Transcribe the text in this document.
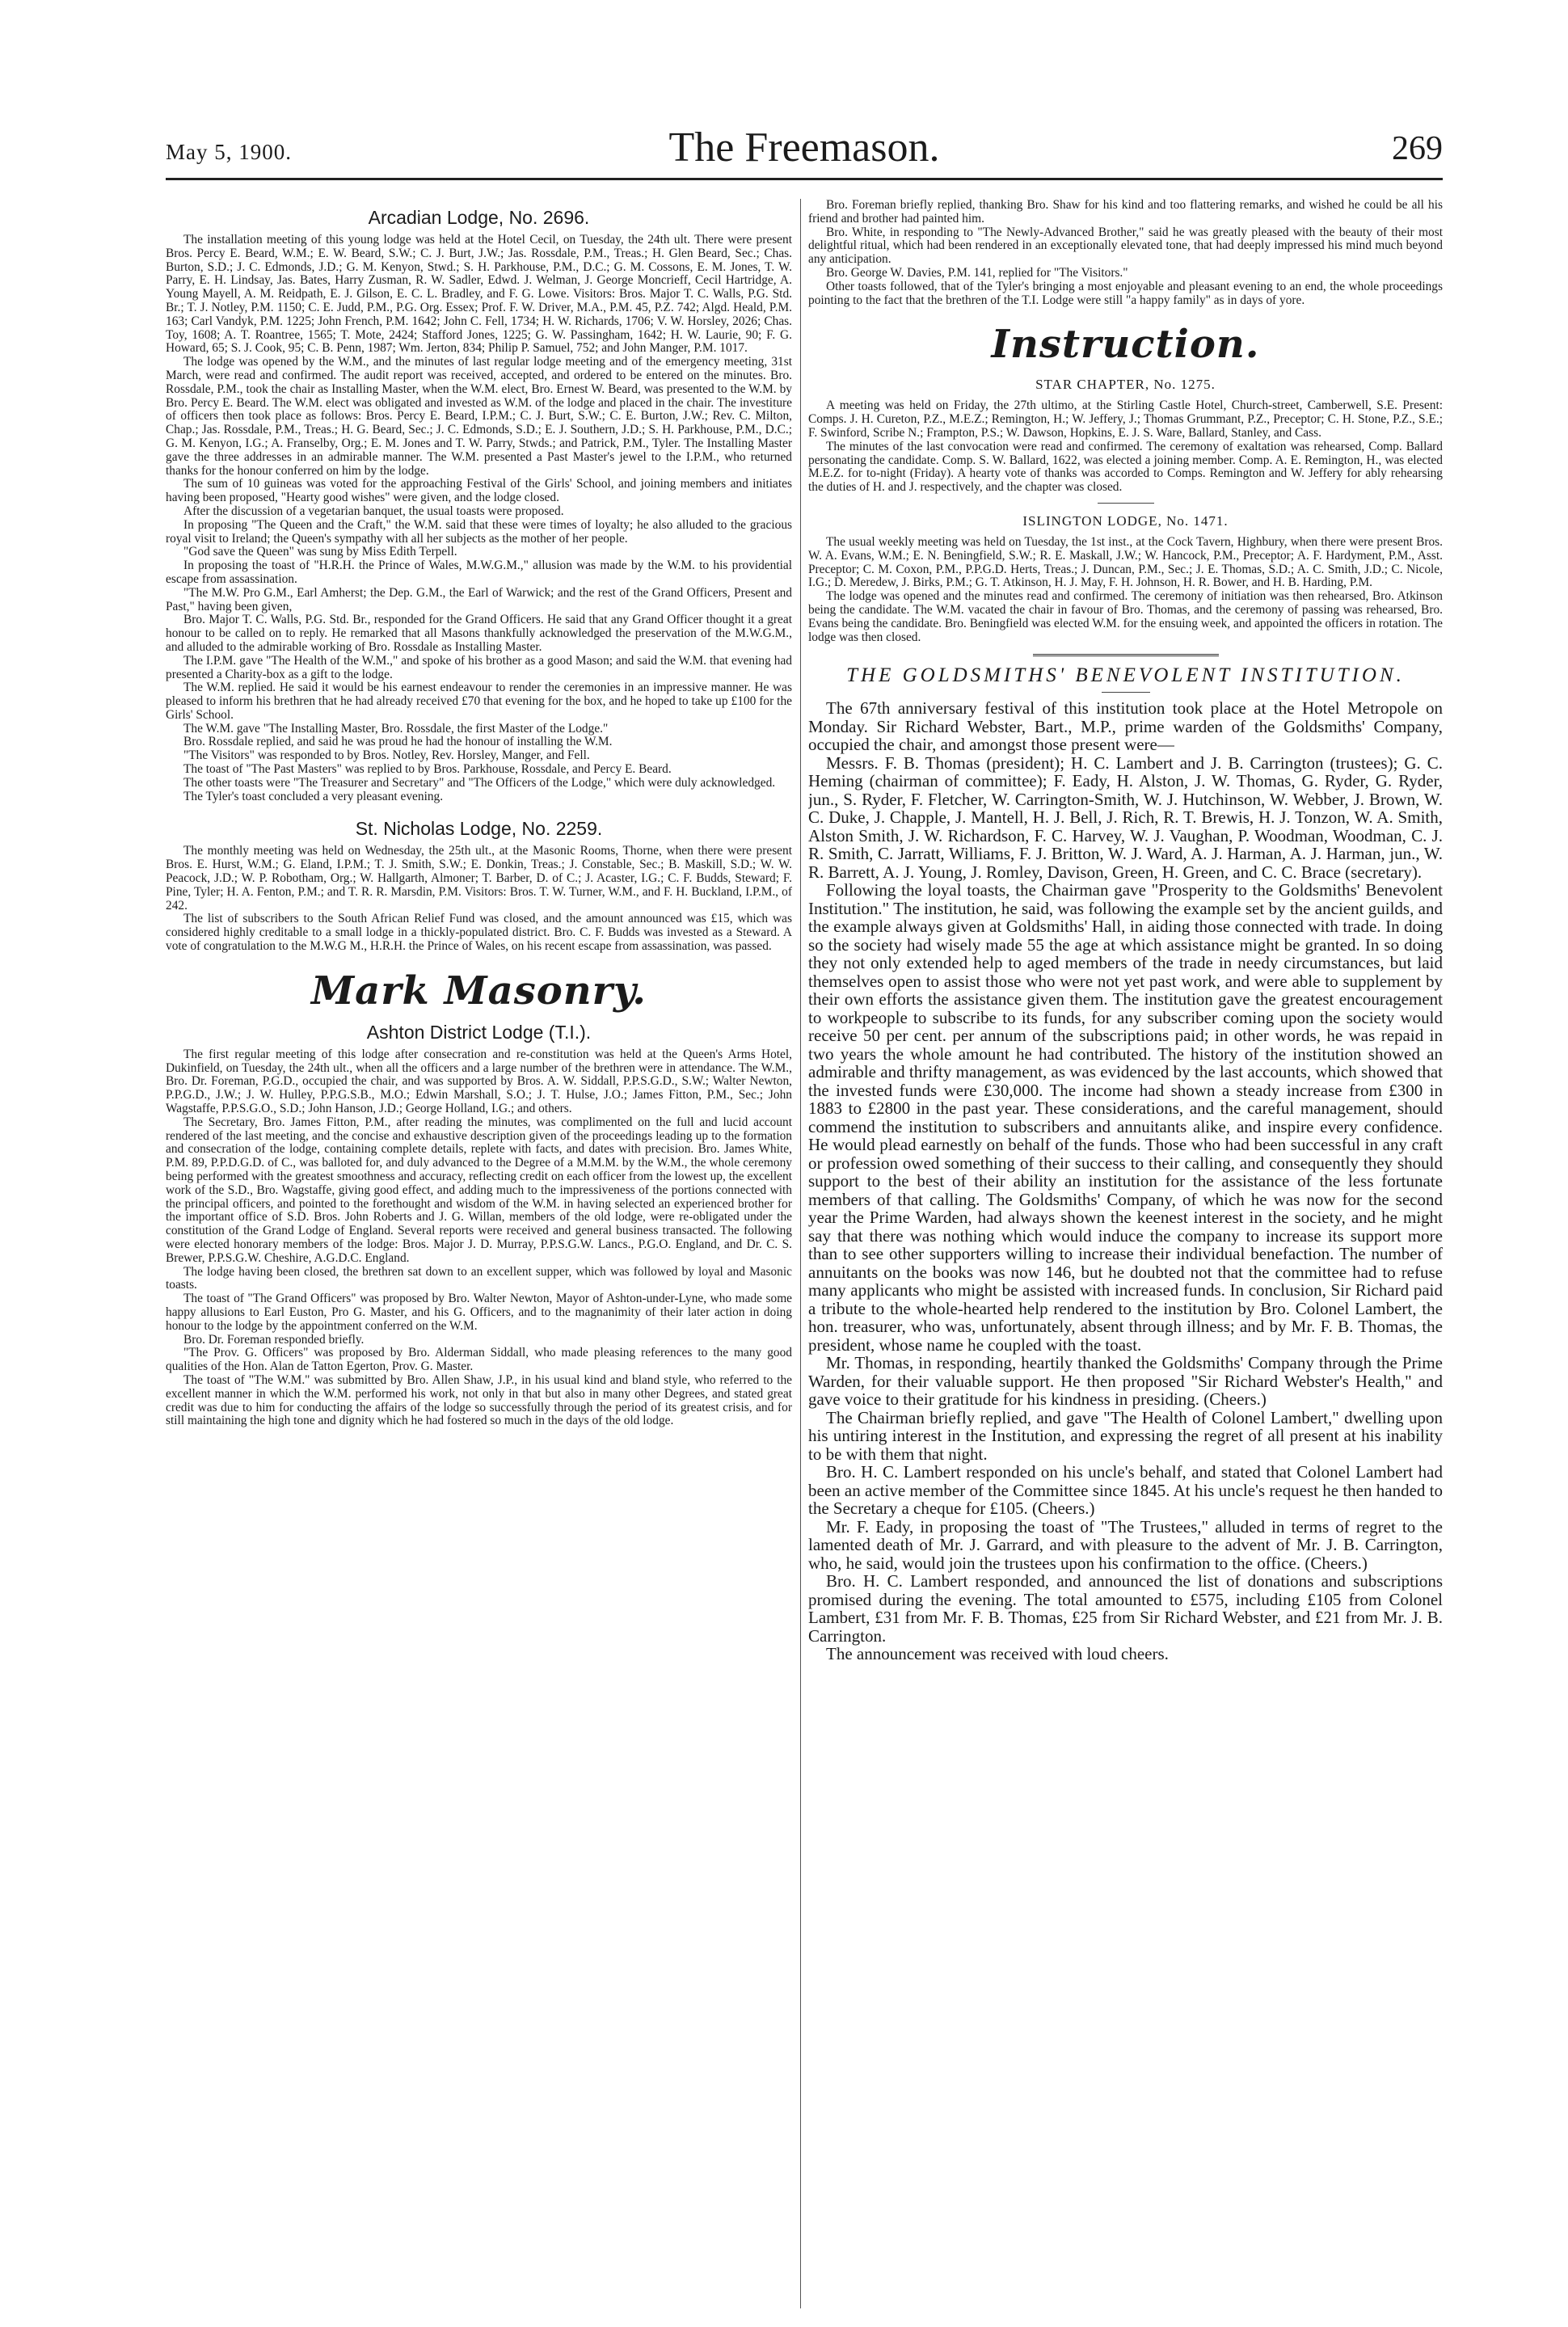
May 5, 1900.	The Freemason.	269
Arcadian Lodge, No. 2696.

The installation meeting of this young lodge was held at the Hotel Cecil, on Tuesday, the 24th ult. There were present Bros. Percy E. Beard, W.M.; E. W. Beard, S.W.; C. J. Burt, J.W.; Jas. Rossdale, P.M., Treas.; H. Glen Beard, Sec.; Chas. Burton, S.D.; J. C. Edmonds, J.D.; G. M. Kenyon, Stwd.; S. H. Parkhouse, P.M., D.C.; G. M. Cossons, E. M. Jones, T. W. Parry, E. H. Lindsay, Jas. Bates, Harry Zusman, R. W. Sadler, Edwd. J. Welman, J. George Moncrieff, Cecil Hartridge, A. Young Mayell, A. M. Reidpath, E. J. Gilson, E. C. L. Bradley, and F. G. Lowe. Visitors: Bros. Major T. C. Walls, P.G. Std. Br.; T. J. Notley, P.M. 1150; C. E. Judd, P.M., P.G. Org. Essex; Prof. F. W. Driver, M.A., P.M. 45, P.Z. 742; Algd. Heald, P.M. 163; Carl Vandyk, P.M. 1225; John French, P.M. 1642; John C. Fell, 1734; H. W. Richards, 1706; V. W. Horsley, 2026; Chas. Toy, 1608; A. T. Roantree, 1565; T. Mote, 2424; Stafford Jones, 1225; G. W. Passingham, 1642; H. W. Laurie, 90; F. G. Howard, 65; S. J. Cook, 95; C. B. Penn, 1987; Wm. Jerton, 834; Philip P. Samuel, 752; and John Manger, P.M. 1017.

The lodge was opened by the W.M., and the minutes of last regular lodge meeting and of the emergency meeting, 31st March, were read and confirmed. The audit report was received, accepted, and ordered to be entered on the minutes. Bro. Rossdale, P.M., took the chair as Installing Master, when the W.M. elect, Bro. Ernest W. Beard, was presented to the W.M. by Bro. Percy E. Beard. The W.M. elect was obligated and invested as W.M. of the lodge and placed in the chair. The investiture of officers then took place as follows: Bros. Percy E. Beard, I.P.M.; C. J. Burt, S.W.; C. E. Burton, J.W.; Rev. C. Milton, Chap.; Jas. Rossdale, P.M., Treas.; H. G. Beard, Sec.; J. C. Edmonds, S.D.; E. J. Southern, J.D.; S. H. Parkhouse, P.M., D.C.; G. M. Kenyon, I.G.; A. Franselby, Org.; E. M. Jones and T. W. Parry, Stwds.; and Patrick, P.M., Tyler. The Installing Master gave the three addresses in an admirable manner. The W.M. presented a Past Master's jewel to the I.P.M., who returned thanks for the honour conferred on him by the lodge.

The sum of 10 guineas was voted for the approaching Festival of the Girls' School, and joining members and initiates having been proposed, "Hearty good wishes" were given, and the lodge closed.

After the discussion of a vegetarian banquet, the usual toasts were proposed.

In proposing "The Queen and the Craft," the W.M. said that these were times of loyalty; he also alluded to the gracious royal visit to Ireland; the Queen's sympathy with all her subjects as the mother of her people.

"God save the Queen" was sung by Miss Edith Terpell.

In proposing the toast of "H.R.H. the Prince of Wales, M.W.G.M.," allusion was made by the W.M. to his providential escape from assassination.

"The M.W. Pro G.M., Earl Amherst; the Dep. G.M., the Earl of Warwick; and the rest of the Grand Officers, Present and Past," having been given,

Bro. Major T. C. Walls, P.G. Std. Br., responded for the Grand Officers. He said that any Grand Officer thought it a great honour to be called on to reply. He remarked that all Masons thankfully acknowledged the preservation of the M.W.G.M., and alluded to the admirable working of Bro. Rossdale as Installing Master.

The I.P.M. gave "The Health of the W.M.," and spoke of his brother as a good Mason; and said the W.M. that evening had presented a Charity-box as a gift to the lodge.

The W.M. replied. He said it would be his earnest endeavour to render the ceremonies in an impressive manner. He was pleased to inform his brethren that he had already received £70 that evening for the box, and he hoped to take up £100 for the Girls' School.

The W.M. gave "The Installing Master, Bro. Rossdale, the first Master of the Lodge."

Bro. Rossdale replied, and said he was proud he had the honour of installing the W.M.

"The Visitors" was responded to by Bros. Notley, Rev. Horsley, Manger, and Fell.

The toast of "The Past Masters" was replied to by Bros. Parkhouse, Rossdale, and Percy E. Beard.

The other toasts were "The Treasurer and Secretary" and "The Officers of the Lodge," which were duly acknowledged.

The Tyler's toast concluded a very pleasant evening.

St. Nicholas Lodge, No. 2259.

The monthly meeting was held on Wednesday, the 25th ult., at the Masonic Rooms, Thorne, when there were present Bros. E. Hurst, W.M.; G. Eland, I.P.M.; T. J. Smith, S.W.; E. Donkin, Treas.; J. Constable, Sec.; B. Maskill, S.D.; W. W. Peacock, J.D.; W. P. Robotham, Org.; W. Hallgarth, Almoner; T. Barber, D. of C.; J. Acaster, I.G.; C. F. Budds, Steward; F. Pine, Tyler; H. A. Fenton, P.M.; and T. R. R. Marsdin, P.M. Visitors: Bros. T. W. Turner, W.M., and F. H. Buckland, I.P.M., of 242.

The list of subscribers to the South African Relief Fund was closed, and the amount announced was £15, which was considered highly creditable to a small lodge in a thickly-populated district. Bro. C. F. Budds was invested as a Steward. A vote of congratulation to the M.W.G M., H.R.H. the Prince of Wales, on his recent escape from assassination, was passed.

Mark Masonry.
Ashton District Lodge (T.I.).

The first regular meeting of this lodge after consecration and re-constitution was held at the Queen's Arms Hotel, Dukinfield, on Tuesday, the 24th ult., when all the officers and a large number of the brethren were in attendance. The W.M., Bro. Dr. Foreman, P.G.D., occupied the chair, and was supported by Bros. A. W. Siddall, P.P.S.G.D., S.W.; Walter Newton, P.P.G.D., J.W.; J. W. Hulley, P.P.G.S.B., M.O.; Edwin Marshall, S.O.; J. T. Hulse, J.O.; James Fitton, P.M., Sec.; John Wagstaffe, P.P.S.G.O., S.D.; John Hanson, J.D.; George Holland, I.G.; and others.

The Secretary, Bro. James Fitton, P.M., after reading the minutes, was complimented on the full and lucid account rendered of the last meeting, and the concise and exhaustive description given of the proceedings leading up to the formation and consecration of the lodge, containing complete details, replete with facts, and dates with precision. Bro. James White, P.M. 89, P.P.D.G.D. of C., was balloted for, and duly advanced to the Degree of a M.M.M. by the W.M., the whole ceremony being performed with the greatest smoothness and accuracy, reflecting credit on each officer from the lowest up, the excellent work of the S.D., Bro. Wagstaffe, giving good effect, and adding much to the impressiveness of the portions connected with the principal officers, and pointed to the forethought and wisdom of the W.M. in having selected an experienced brother for the important office of S.D. Bros. John Roberts and J. G. Willan, members of the old lodge, were re-obligated under the constitution of the Grand Lodge of England. Several reports were received and general business transacted. The following were elected honorary members of the lodge: Bros. Major J. D. Murray, P.P.S.G.W. Lancs., P.G.O. England, and Dr. C. S. Brewer, P.P.S.G.W. Cheshire, A.G.D.C. England.

The lodge having been closed, the brethren sat down to an excellent supper, which was followed by loyal and Masonic toasts.

The toast of "The Grand Officers" was proposed by Bro. Walter Newton, Mayor of Ashton-under-Lyne, who made some happy allusions to Earl Euston, Pro G. Master, and his G. Officers, and to the magnanimity of their later action in doing honour to the lodge by the appointment conferred on the W.M.

Bro. Dr. Foreman responded briefly.

"The Prov. G. Officers" was proposed by Bro. Alderman Siddall, who made pleasing references to the many good qualities of the Hon. Alan de Tatton Egerton, Prov. G. Master.

The toast of "The W.M." was submitted by Bro. Allen Shaw, J.P., in his usual kind and bland style, who referred to the excellent manner in which the W.M. performed his work, not only in that but also in many other Degrees, and stated great credit was due to him for conducting the affairs of the lodge so successfully through the period of its greatest crisis, and for still maintaining the high tone and dignity which he had fostered so much in the days of the old lodge.

Bro. Foreman briefly replied, thanking Bro. Shaw for his kind and too flattering remarks, and wished he could be all his friend and brother had painted him.

Bro. White, in responding to "The Newly-Advanced Brother," said he was greatly pleased with the beauty of their most delightful ritual, which had been rendered in an exceptionally elevated tone, that had deeply impressed his mind much beyond any anticipation.

Bro. George W. Davies, P.M. 141, replied for "The Visitors."

Other toasts followed, that of the Tyler's bringing a most enjoyable and pleasant evening to an end, the whole proceedings pointing to the fact that the brethren of the T.I. Lodge were still "a happy family" as in days of yore.

Instruction.
STAR CHAPTER, No. 1275.

A meeting was held on Friday, the 27th ultimo, at the Stirling Castle Hotel, Church-street, Camberwell, S.E. Present: Comps. J. H. Cureton, P.Z., M.E.Z.; Remington, H.; W. Jeffery, J.; Thomas Grummant, P.Z., Preceptor; C. H. Stone, P.Z., S.E.; F. Swinford, Scribe N.; Frampton, P.S.; W. Dawson, Hopkins, E. J. S. Ware, Ballard, Stanley, and Cass.

The minutes of the last convocation were read and confirmed. The ceremony of exaltation was rehearsed, Comp. Ballard personating the candidate. Comp. S. W. Ballard, 1622, was elected a joining member. Comp. A. E. Remington, H., was elected M.E.Z. for to-night (Friday). A hearty vote of thanks was accorded to Comps. Remington and W. Jeffery for ably rehearsing the duties of H. and J. respectively, and the chapter was closed.

ISLINGTON LODGE, No. 1471.

The usual weekly meeting was held on Tuesday, the 1st inst., at the Cock Tavern, Highbury, when there were present Bros. W. A. Evans, W.M.; E. N. Beningfield, S.W.; R. E. Maskall, J.W.; W. Hancock, P.M., Preceptor; A. F. Hardyment, P.M., Asst. Preceptor; C. M. Coxon, P.M., P.P.G.D. Herts, Treas.; J. Duncan, P.M., Sec.; J. E. Thomas, S.D.; A. C. Smith, J.D.; C. Nicole, I.G.; D. Meredew, J. Birks, P.M.; G. T. Atkinson, H. J. May, F. H. Johnson, H. R. Bower, and H. B. Harding, P.M.

The lodge was opened and the minutes read and confirmed. The ceremony of initiation was then rehearsed, Bro. Atkinson being the candidate. The W.M. vacated the chair in favour of Bro. Thomas, and the ceremony of passing was rehearsed, Bro. Evans being the candidate. Bro. Beningfield was elected W.M. for the ensuing week, and appointed the officers in rotation. The lodge was then closed.

THE GOLDSMITHS' BENEVOLENT INSTITUTION.

The 67th anniversary festival of this institution took place at the Hotel Metropole on Monday. Sir Richard Webster, Bart., M.P., prime warden of the Goldsmiths' Company, occupied the chair, and amongst those present were—

Messrs. F. B. Thomas (president); H. C. Lambert and J. B. Carrington (trustees); G. C. Heming (chairman of committee); F. Eady, H. Alston, J. W. Thomas, G. Ryder, G. Ryder, jun., S. Ryder, F. Fletcher, W. Carrington-Smith, W. J. Hutchinson, W. Webber, J. Brown, W. C. Duke, J. Chapple, J. Mantell, H. J. Bell, J. Rich, R. T. Brewis, H. J. Tonzon, W. A. Smith, Alston Smith, J. W. Richardson, F. C. Harvey, W. J. Vaughan, P. Woodman, Woodman, C. J. R. Smith, C. Jarratt, Williams, F. J. Britton, W. J. Ward, A. J. Harman, A. J. Harman, jun., W. R. Barrett, A. J. Young, J. Romley, Davison, Green, H. Green, and C. C. Brace (secretary).

Following the loyal toasts, the Chairman gave "Prosperity to the Goldsmiths' Benevolent Institution." The institution, he said, was following the example set by the ancient guilds, and the example always given at Goldsmiths' Hall, in aiding those connected with trade. In doing so the society had wisely made 55 the age at which assistance might be granted. In so doing they not only extended help to aged members of the trade in needy circumstances, but laid themselves open to assist those who were not yet past work, and were able to supplement by their own efforts the assistance given them. The institution gave the greatest encouragement to workpeople to subscribe to its funds, for any subscriber coming upon the society would receive 50 per cent. per annum of the subscriptions paid; in other words, he was repaid in two years the whole amount he had contributed. The history of the institution showed an admirable and thrifty management, as was evidenced by the last accounts, which showed that the invested funds were £30,000. The income had shown a steady increase from £300 in 1883 to £2800 in the past year. These considerations, and the careful management, should commend the institution to subscribers and annuitants alike, and inspire every confidence. He would plead earnestly on behalf of the funds. Those who had been successful in any craft or profession owed something of their success to their calling, and consequently they should support to the best of their ability an institution for the assistance of the less fortunate members of that calling. The Goldsmiths' Company, of which he was now for the second year the Prime Warden, had always shown the keenest interest in the society, and he might say that there was nothing which would induce the company to increase its support more than to see other supporters willing to increase their individual benefaction. The number of annuitants on the books was now 146, but he doubted not that the committee had to refuse many applicants who might be assisted with increased funds. In conclusion, Sir Richard paid a tribute to the whole-hearted help rendered to the institution by Bro. Colonel Lambert, the hon. treasurer, who was, unfortunately, absent through illness; and by Mr. F. B. Thomas, the president, whose name he coupled with the toast.

Mr. Thomas, in responding, heartily thanked the Goldsmiths' Company through the Prime Warden, for their valuable support. He then proposed "Sir Richard Webster's Health," and gave voice to their gratitude for his kindness in presiding. (Cheers.)

The Chairman briefly replied, and gave "The Health of Colonel Lambert," dwelling upon his untiring interest in the Institution, and expressing the regret of all present at his inability to be with them that night.

Bro. H. C. Lambert responded on his uncle's behalf, and stated that Colonel Lambert had been an active member of the Committee since 1845. At his uncle's request he then handed to the Secretary a cheque for £105. (Cheers.)

Mr. F. Eady, in proposing the toast of "The Trustees," alluded in terms of regret to the lamented death of Mr. J. Garrard, and with pleasure to the advent of Mr. J. B. Carrington, who, he said, would join the trustees upon his confirmation to the office. (Cheers.)

Bro. H. C. Lambert responded, and announced the list of donations and subscriptions promised during the evening. The total amounted to £575, including £105 from Colonel Lambert, £31 from Mr. F. B. Thomas, £25 from Sir Richard Webster, and £21 from Mr. J. B. Carrington.

The announcement was received with loud cheers.
